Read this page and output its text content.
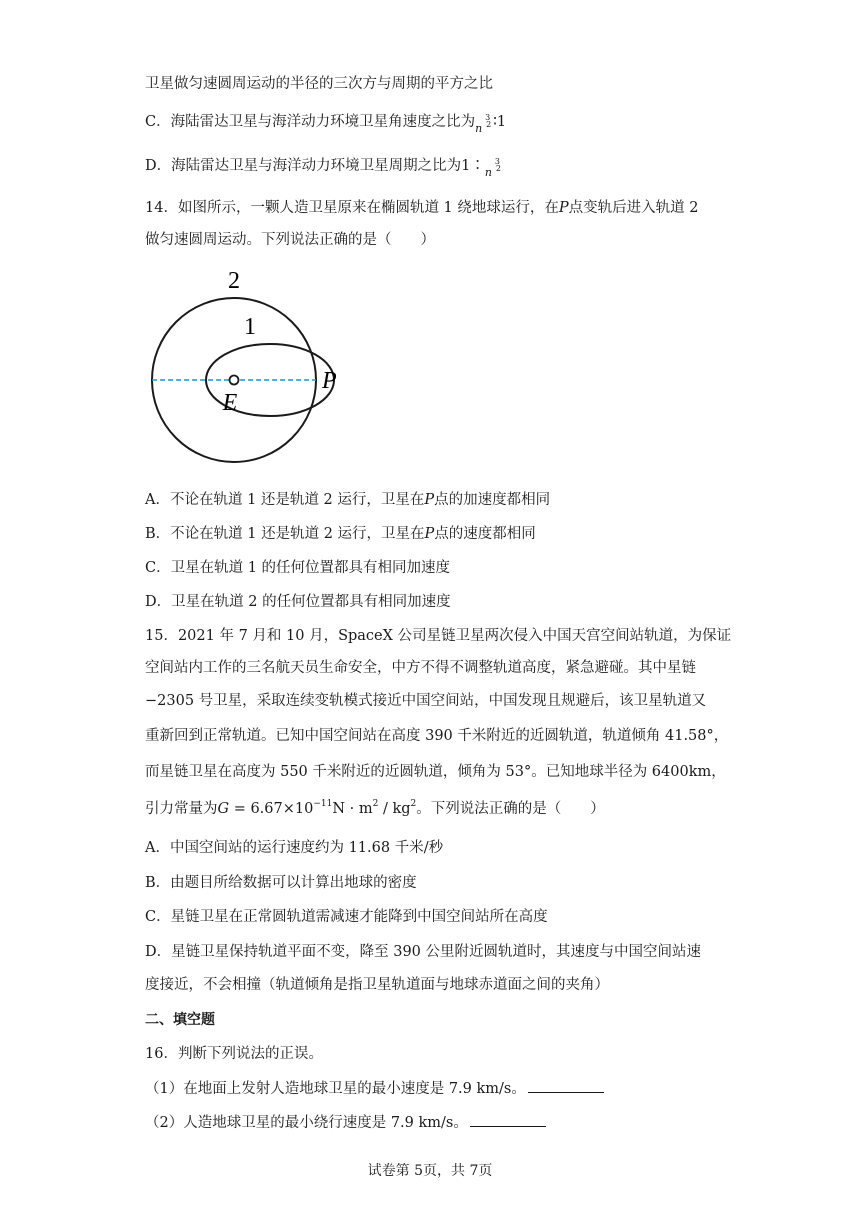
卫星做匀速圆周运动的半径的三次方与周期的平方之比
C．海陆雷达卫星与海洋动力环境卫星角速度之比为 3
n 2 ∶1
D．海陆雷达卫星与海洋动力环境卫星周期之比为1∶ 3
n 2
14．如图所示，一颗人造卫星原来在椭圆轨道 1 绕地球运行，在P点变轨后进入轨道 2
做匀速圆周运动。下列说法正确的是（　　）
2
1
P
E
A．不论在轨道 1 还是轨道 2 运行，卫星在P点的加速度都相同
B．不论在轨道 1 还是轨道 2 运行，卫星在P点的速度都相同
C．卫星在轨道 1 的任何位置都具有相同加速度
D．卫星在轨道 2 的任何位置都具有相同加速度
15．2021 年 7 月和 10 月，SpaceX 公司星链卫星两次侵入中国天宫空间站轨道，为保证
空间站内工作的三名航天员生命安全，中方不得不调整轨道高度，紧急避碰。其中星链
−2305 号卫星，采取连续变轨模式接近中国空间站，中国发现且规避后，该卫星轨道又
重新回到正常轨道。已知中国空间站在高度 390 千米附近的近圆轨道，轨道倾角 41.58°，
而星链卫星在高度为 550 千米附近的近圆轨道，倾角为 53°。已知地球半径为 6400km，
引力常量为$G = 6.67\times 10^{-11}N \cdot m^2 / kg^2$。下列说法正确的是（　　）
A．中国空间站的运行速度约为 11.68 千米/秒
B．由题目所给数据可以计算出地球的密度
C．星链卫星在正常圆轨道需减速才能降到中国空间站所在高度
D．星链卫星保持轨道平面不变，降至 390 公里附近圆轨道时，其速度与中国空间站速
度接近，不会相撞（轨道倾角是指卫星轨道面与地球赤道面之间的夹角）
二、填空题
16．判断下列说法的正误。
（1）在地面上发射人造地球卫星的最小速度是 7.9 km/s。
（2）人造地球卫星的最小绕行速度是 7.9 km/s。
试卷第 5页，共 7页
